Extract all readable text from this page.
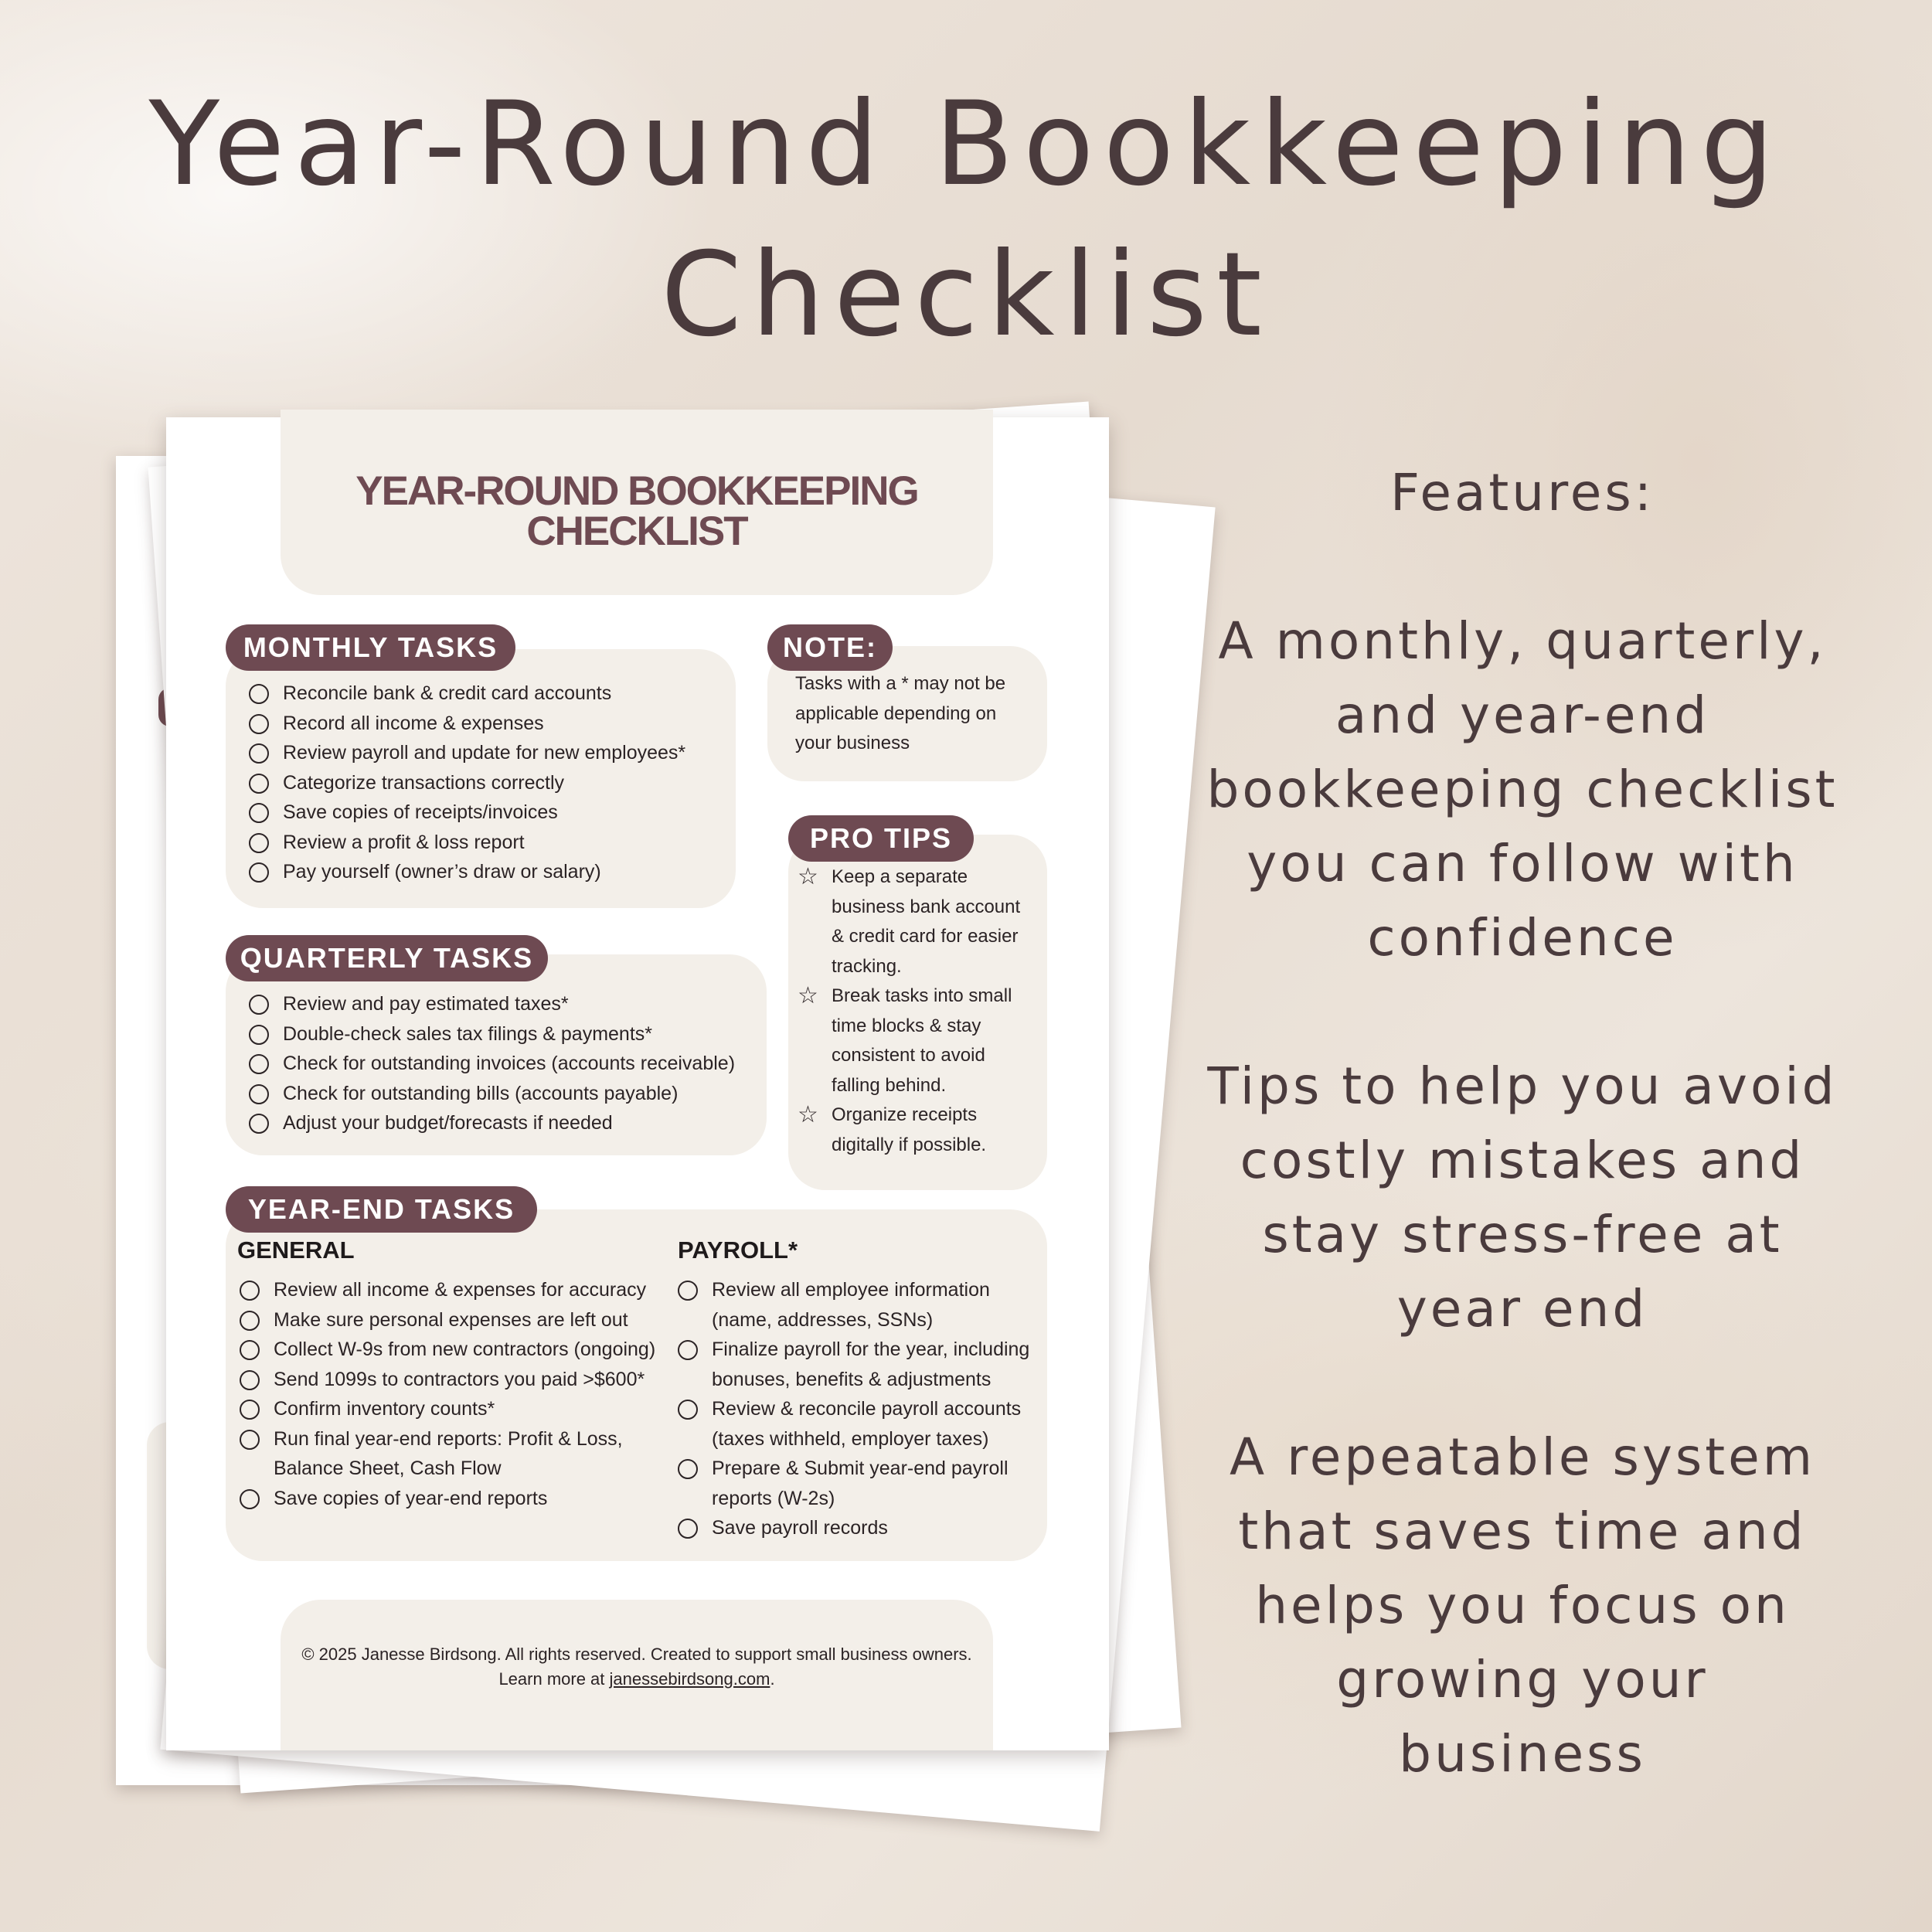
Year-Round Bookkeeping
Checklist
YEAR-ROUND BOOKKEEPING
CHECKLIST
MONTHLY TASKS
Reconcile bank & credit card accounts
Record all income & expenses
Review payroll and update for new employees*
Categorize transactions correctly
Save copies of receipts/invoices
Review a profit & loss report
Pay yourself (owner’s draw or salary)
NOTE:
Tasks with a * may not be applicable depending on your business
PRO TIPS
☆ Keep a separate business bank account & credit card for easier tracking.
☆ Break tasks into small time blocks & stay consistent to avoid falling behind.
☆ Organize receipts digitally if possible.
QUARTERLY TASKS
Review and pay estimated taxes*
Double-check sales tax filings & payments*
Check for outstanding invoices (accounts receivable)
Check for outstanding bills (accounts payable)
Adjust your budget/forecasts if needed
YEAR-END TASKS
GENERAL
Review all income & expenses for accuracy
Make sure personal expenses are left out
Collect W-9s from new contractors (ongoing)
Send 1099s to contractors you paid >$600*
Confirm inventory counts*
Run final year-end reports: Profit & Loss, Balance Sheet, Cash Flow
Save copies of year-end reports
PAYROLL*
Review all employee information (name, addresses, SSNs)
Finalize payroll for the year, including bonuses, benefits & adjustments
Review & reconcile payroll accounts (taxes withheld, employer taxes)
Prepare & Submit year-end payroll reports (W-2s)
Save payroll records
© 2025 Janesse Birdsong. All rights reserved. Created to support small business owners. Learn more at janessebirdsong.com.
Features:
A monthly, quarterly, and year-end bookkeeping checklist you can follow with confidence
Tips to help you avoid costly mistakes and stay stress-free at year end
A repeatable system that saves time and helps you focus on growing your business
